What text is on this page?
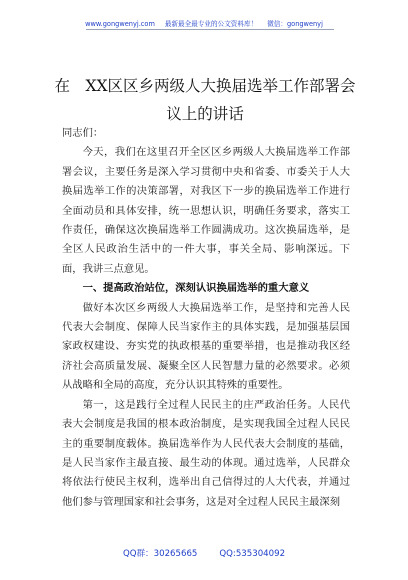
www.gongwenyj.com 最新最全最专业的公文资料库！ 微信：gongwenyj
在　XX区区乡两级人大换届选举工作部署会
议上的讲话

同志们：

今天，我们在这里召开全区区乡两级人大换届选举工作部署会议，主要任务是深入学习贯彻中央和省委、市委关于人大换届选举工作的决策部署，对我区下一步的换届选举工作进行全面动员和具体安排，统一思想认识，明确任务要求，落实工作责任，确保这次换届选举工作圆满成功。这次换届选举，是全区人民政治生活中的一件大事，事关全局、影响深远。下面，我讲三点意见。

一、提高政治站位，深刻认识换届选举的重大意义

做好本次区乡两级人大换届选举工作，是坚持和完善人民代表大会制度、保障人民当家作主的具体实践，是加强基层国家政权建设、夯实党的执政根基的重要举措，也是推动我区经济社会高质量发展、凝聚全区人民智慧力量的必然要求。必须从战略和全局的高度，充分认识其特殊的重要性。

第一，这是践行全过程人民民主的庄严政治任务。人民代表大会制度是我国的根本政治制度，是实现我国全过程人民民主的重要制度载体。换届选举作为人民代表大会制度的基础，是人民当家作主最直接、最生动的体现。通过选举，人民群众将依法行使民主权利，选举出自己信得过的人大代表，并通过他们参与管理国家和社会事务，这是对全过程人民民主最深刻

QQ群：30265665	QQ:535304092
